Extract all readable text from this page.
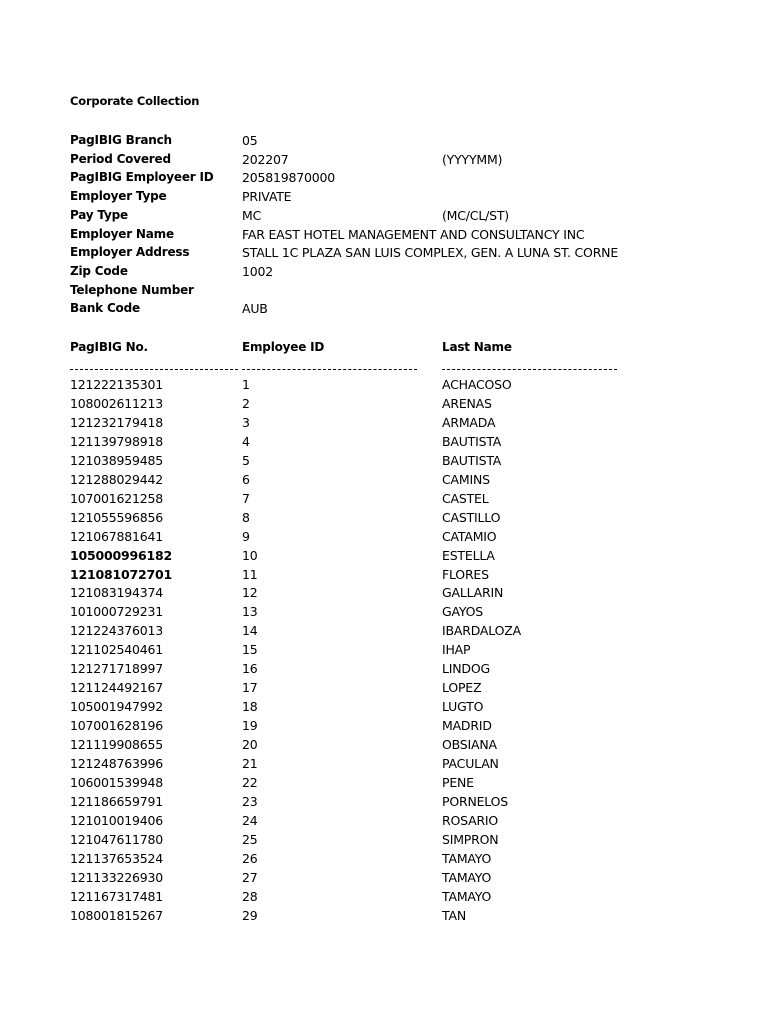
Corporate Collection
PagIBIG Branch	05
Period Covered	202207	(YYYYMM)
PagIBIG Employeer ID 205819870000
Employer Type	PRIVATE
Pay Type	MC	(MC/CL/ST)
Employer Name	FAR EAST HOTEL MANAGEMENT AND CONSULTANCY INC
Employer Address	STALL 1C PLAZA SAN LUIS COMPLEX, GEN. A LUNA ST. CORNE
Zip Code	1002
Telephone Number
Bank Code	AUB
PagIBIG No.	Employee ID	Last Name
121222135301	1	ACHACOSO
108002611213	2	ARENAS
121232179418	3	ARMADA
121139798918	4	BAUTISTA
121038959485	5	BAUTISTA
121288029442	6	CAMINS
107001621258	7	CASTEL
121055596856	8	CASTILLO
121067881641	9	CATAMIO
105000996182	10	ESTELLA
121081072701	11	FLORES
121083194374	12	GALLARIN
101000729231	13	GAYOS
121224376013	14	IBARDALOZA
121102540461	15	IHAP
121271718997	16	LINDOG
121124492167	17	LOPEZ
105001947992	18	LUGTO
107001628196	19	MADRID
121119908655	20	OBSIANA
121248763996	21	PACULAN
106001539948	22	PENE
121186659791	23	PORNELOS
121010019406	24	ROSARIO
121047611780	25	SIMPRON
121137653524	26	TAMAYO
121133226930	27	TAMAYO
121167317481	28	TAMAYO
108001815267	29	TAN
